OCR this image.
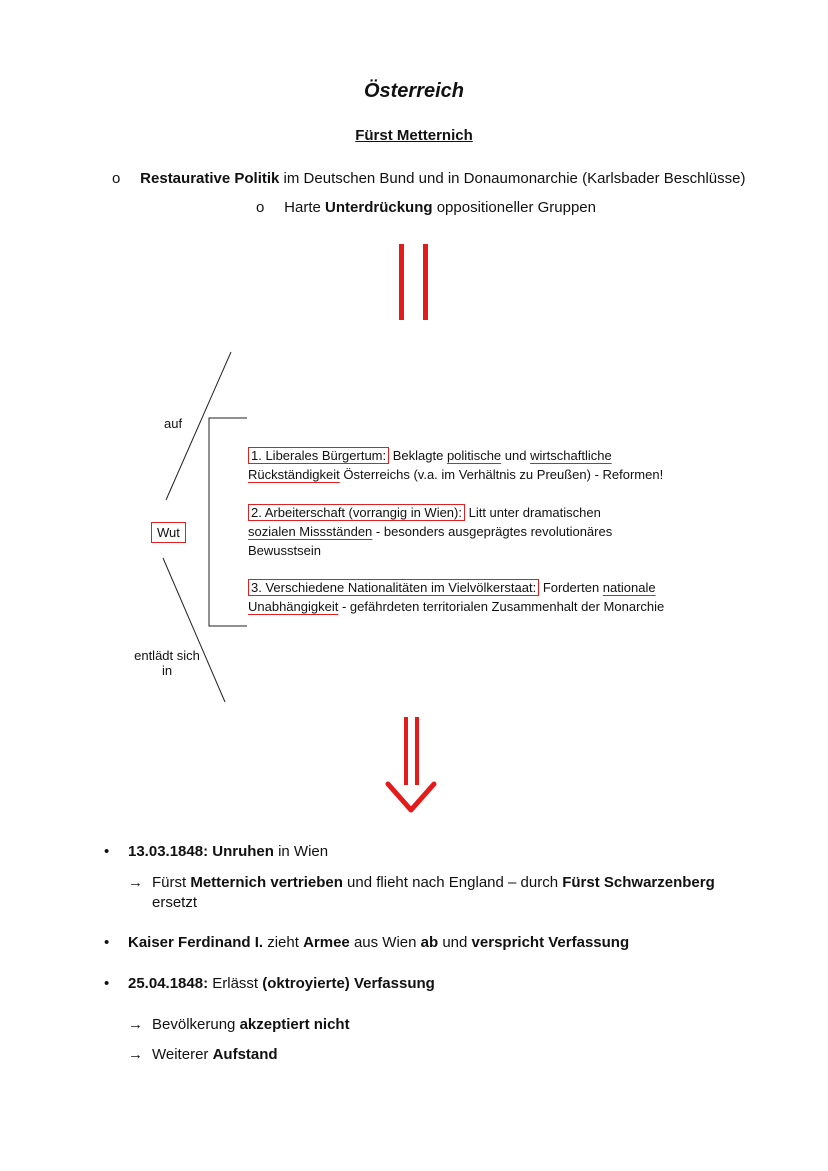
Österreich
Fürst Metternich
o Restaurative Politik im Deutschen Bund und in Donaumonarchie (Karlsbader Beschlüsse)
o Harte Unterdrückung oppositioneller Gruppen
auf
Wut
entlädt sich
in
1. Liberales Bürgertum: Beklagte politische und wirtschaftliche
Rückständigkeit Österreichs (v.a. im Verhältnis zu Preußen) - Reformen!
2. Arbeiterschaft (vorrangig in Wien): Litt unter dramatischen
sozialen Missständen - besonders ausgeprägtes revolutionäres
Bewusstsein
3. Verschiedene Nationalitäten im Vielvölkerstaat: Forderten nationale
Unabhängigkeit - gefährdeten territorialen Zusammenhalt der Monarchie
• 13.03.1848: Unruhen in Wien
→ Fürst Metternich vertrieben und flieht nach England – durch Fürst Schwarzenberg
ersetzt
• Kaiser Ferdinand I. zieht Armee aus Wien ab und verspricht Verfassung
• 25.04.1848: Erlässt (oktroyierte) Verfassung
→ Bevölkerung akzeptiert nicht
→ Weiterer Aufstand
